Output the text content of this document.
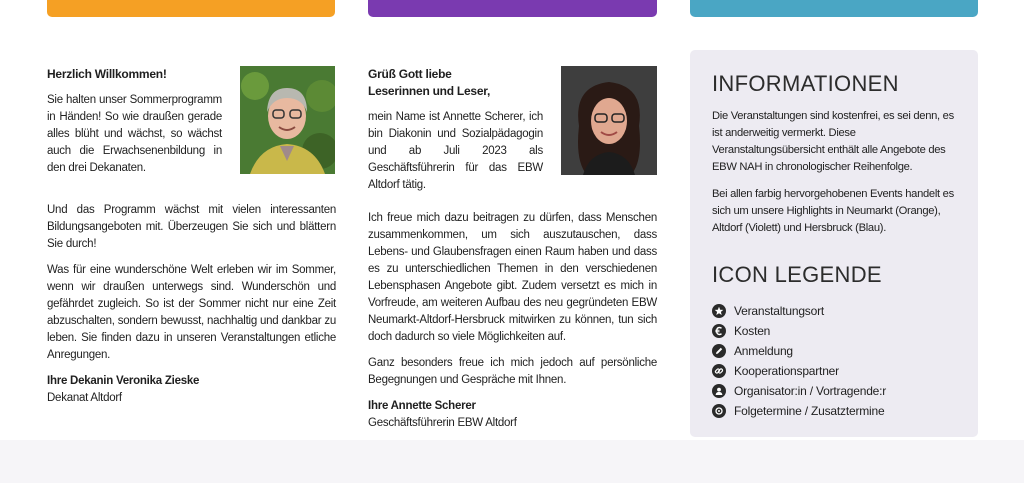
Herzlich Willkommen!
Sie halten unser Sommerprogramm in Händen! So wie draußen gerade alles blüht und wächst, so wächst auch die Erwachsenenbildung in den drei Dekanaten.

Und das Programm wächst mit vielen interessanten Bildungsangeboten mit. Überzeugen Sie sich und blättern Sie durch!

Was für eine wunderschöne Welt erleben wir im Sommer, wenn wir draußen unterwegs sind. Wunderschön und gefährdet zugleich. So ist der Sommer nicht nur eine Zeit abzuschalten, sondern bewusst, nachhaltig und dankbar zu leben. Sie finden dazu in unseren Veranstaltungen etliche Anregungen.

Ihre Dekanin Veronika Zieske
Dekanat Altdorf
Grüß Gott liebe
Leserinnen und Leser,
mein Name ist Annette Scherer, ich bin Diakonin und Sozialpädagogin und ab Juli 2023 als Geschäftsführerin für das EBW Altdorf tätig.

Ich freue mich dazu beitragen zu dürfen, dass Menschen zusammenkommen, um sich auszutauschen, dass Lebens- und Glaubensfragen einen Raum haben und dass es zu unterschiedlichen Themen in den verschiedenen Lebensphasen Angebote gibt. Zudem versetzt es mich in Vorfreude, am weiteren Aufbau des neu gegründeten EBW Neumarkt-Altdorf-Hersbruck mitwirken zu können, tun sich doch dadurch so viele Möglichkeiten auf.

Ganz besonders freue ich mich jedoch auf persönliche Begegnungen und Gespräche mit Ihnen.

Ihre Annette Scherer
Geschäftsführerin EBW Altdorf
INFORMATIONEN

Die Veranstaltungen sind kostenfrei, es sei denn, es ist anderweitig vermerkt. Diese Veranstaltungsübersicht enthält alle Angebote des EBW NAH in chronologischer Reihenfolge.

Bei allen farbig hervorgehobenen Events handelt es sich um unsere Highlights in Neumarkt (Orange), Altdorf (Violett) und Hersbruck (Blau).

ICON LEGENDE
Veranstaltungsort
Kosten
Anmeldung
Kooperationspartner
Organisator:in / Vortragende:r
Folgetermine / Zusatztermine
